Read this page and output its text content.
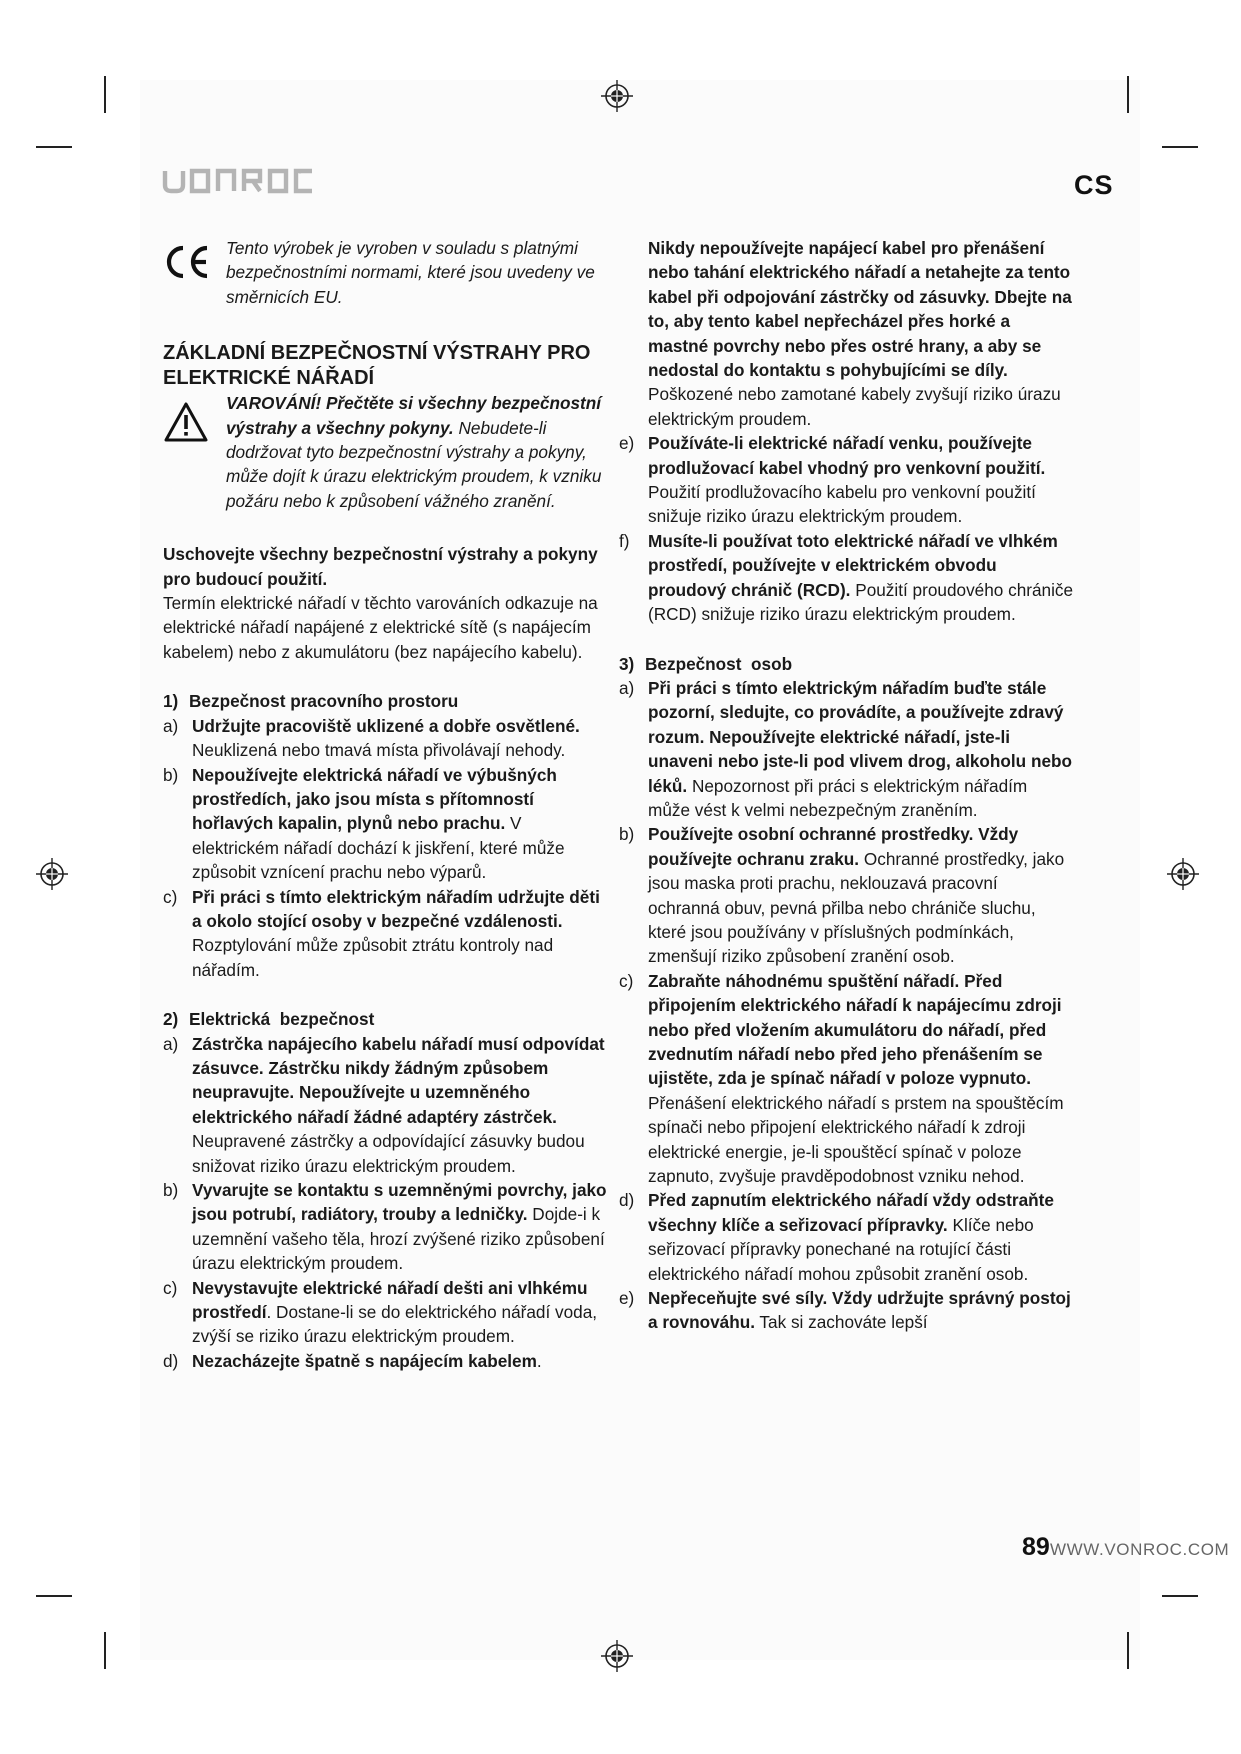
CS
Tento výrobek je vyroben v souladu s platnými bezpečnostními normami, které jsou uvedeny ve směrnicích EU.
ZÁKLADNÍ BEZPEČNOSTNÍ VÝSTRAHY PRO
ELEKTRICKÉ NÁŘADÍ
VAROVÁNÍ! Přečtěte si všechny bezpečnostní výstrahy a všechny pokyny. Nebudete-li dodržovat tyto bezpečnostní výstrahy a pokyny, může dojít k úrazu elektrickým proudem, k vzniku požáru nebo k způsobení vážného zranění.
Uschovejte všechny bezpečnostní výstrahy a pokyny pro budoucí použití.
Termín elektrické nářadí v těchto varováních odkazuje na elektrické nářadí napájené z elektrické sítě (s napájecím kabelem) nebo z akumulátoru (bez napájecího kabelu).
1) Bezpečnost pracovního prostoru
a) Udržujte pracoviště uklizené a dobře osvětlené. Neuklizená nebo tmavá místa přivolávají nehody.
b) Nepoužívejte elektrická nářadí ve výbušných prostředích, jako jsou místa s přítomností hořlavých kapalin, plynů nebo prachu. V elektrickém nářadí dochází k jiskření, které může způsobit vznícení prachu nebo výparů.
c) Při práci s tímto elektrickým nářadím udržujte děti a okolo stojící osoby v bezpečné vzdálenosti. Rozptylování může způsobit ztrátu kontroly nad nářadím.
2) Elektrická  bezpečnost
a) Zástrčka napájecího kabelu nářadí musí odpovídat zásuvce. Zástrčku nikdy žádným způsobem neupravujte. Nepoužívejte u uzemněného elektrického nářadí žádné adaptéry zástrček. Neupravené zástrčky a odpovídající zásuvky budou snižovat riziko úrazu elektrickým proudem.
b) Vyvarujte se kontaktu s uzemněnými povrchy, jako jsou potrubí, radiátory, trouby a ledničky. Dojde-i k uzemnění vašeho těla, hrozí zvýšené riziko způsobení úrazu elektrickým proudem.
c) Nevystavujte elektrické nářadí dešti ani vlhkému prostředí. Dostane-li se do elektrického nářadí voda, zvýší se riziko úrazu elektrickým proudem.
d) Nezacházejte špatně s napájecím kabelem.
Nikdy nepoužívejte napájecí kabel pro přenášení nebo tahání elektrického nářadí a netahejte za tento kabel při odpojování zástrčky od zásuvky. Dbejte na to, aby tento kabel nepřecházel přes horké a mastné povrchy nebo přes ostré hrany, a aby se nedostal do kontaktu s pohybujícími se díly. Poškozené nebo zamotané kabely zvyšují riziko úrazu elektrickým proudem.
e) Používáte-li elektrické nářadí venku, používejte prodlužovací kabel vhodný pro venkovní použití. Použití prodlužovacího kabelu pro venkovní použití snižuje riziko úrazu elektrickým proudem.
f) Musíte-li používat toto elektrické nářadí ve vlhkém prostředí, používejte v elektrickém obvodu proudový chránič (RCD). Použití proudového chrániče (RCD) snižuje riziko úrazu elektrickým proudem.
3) Bezpečnost  osob
a) Při práci s tímto elektrickým nářadím buďte stále pozorní, sledujte, co provádíte, a používejte zdravý rozum. Nepoužívejte elektrické nářadí, jste-li unaveni nebo jste-li pod vlivem drog, alkoholu nebo léků. Nepozornost při práci s elektrickým nářadím může vést k velmi nebezpečným zraněním.
b) Používejte osobní ochranné prostředky. Vždy používejte ochranu zraku. Ochranné prostředky, jako jsou maska proti prachu, neklouzavá pracovní ochranná obuv, pevná přilba nebo chrániče sluchu, které jsou používány v příslušných podmínkách, zmenšují riziko způsobení zranění osob.
c) Zabraňte náhodnému spuštění nářadí. Před připojením elektrického nářadí k napájecímu zdroji nebo před vložením akumulátoru do nářadí, před zvednutím nářadí nebo před jeho přenášením se ujistěte, zda je spínač nářadí v poloze vypnuto. Přenášení elektrického nářadí s prstem na spouštěcím spínači nebo připojení elektrického nářadí k zdroji elektrické energie, je-li spouštěcí spínač v poloze zapnuto, zvyšuje pravděpodobnost vzniku nehod.
d) Před zapnutím elektrického nářadí vždy odstraňte všechny klíče a seřizovací přípravky. Klíče nebo seřizovací přípravky ponechané na rotující části elektrického nářadí mohou způsobit zranění osob.
e) Nepřeceňujte své síly. Vždy udržujte správný postoj a rovnováhu. Tak si zachováte lepší
89 WWW.VONROC.COM
